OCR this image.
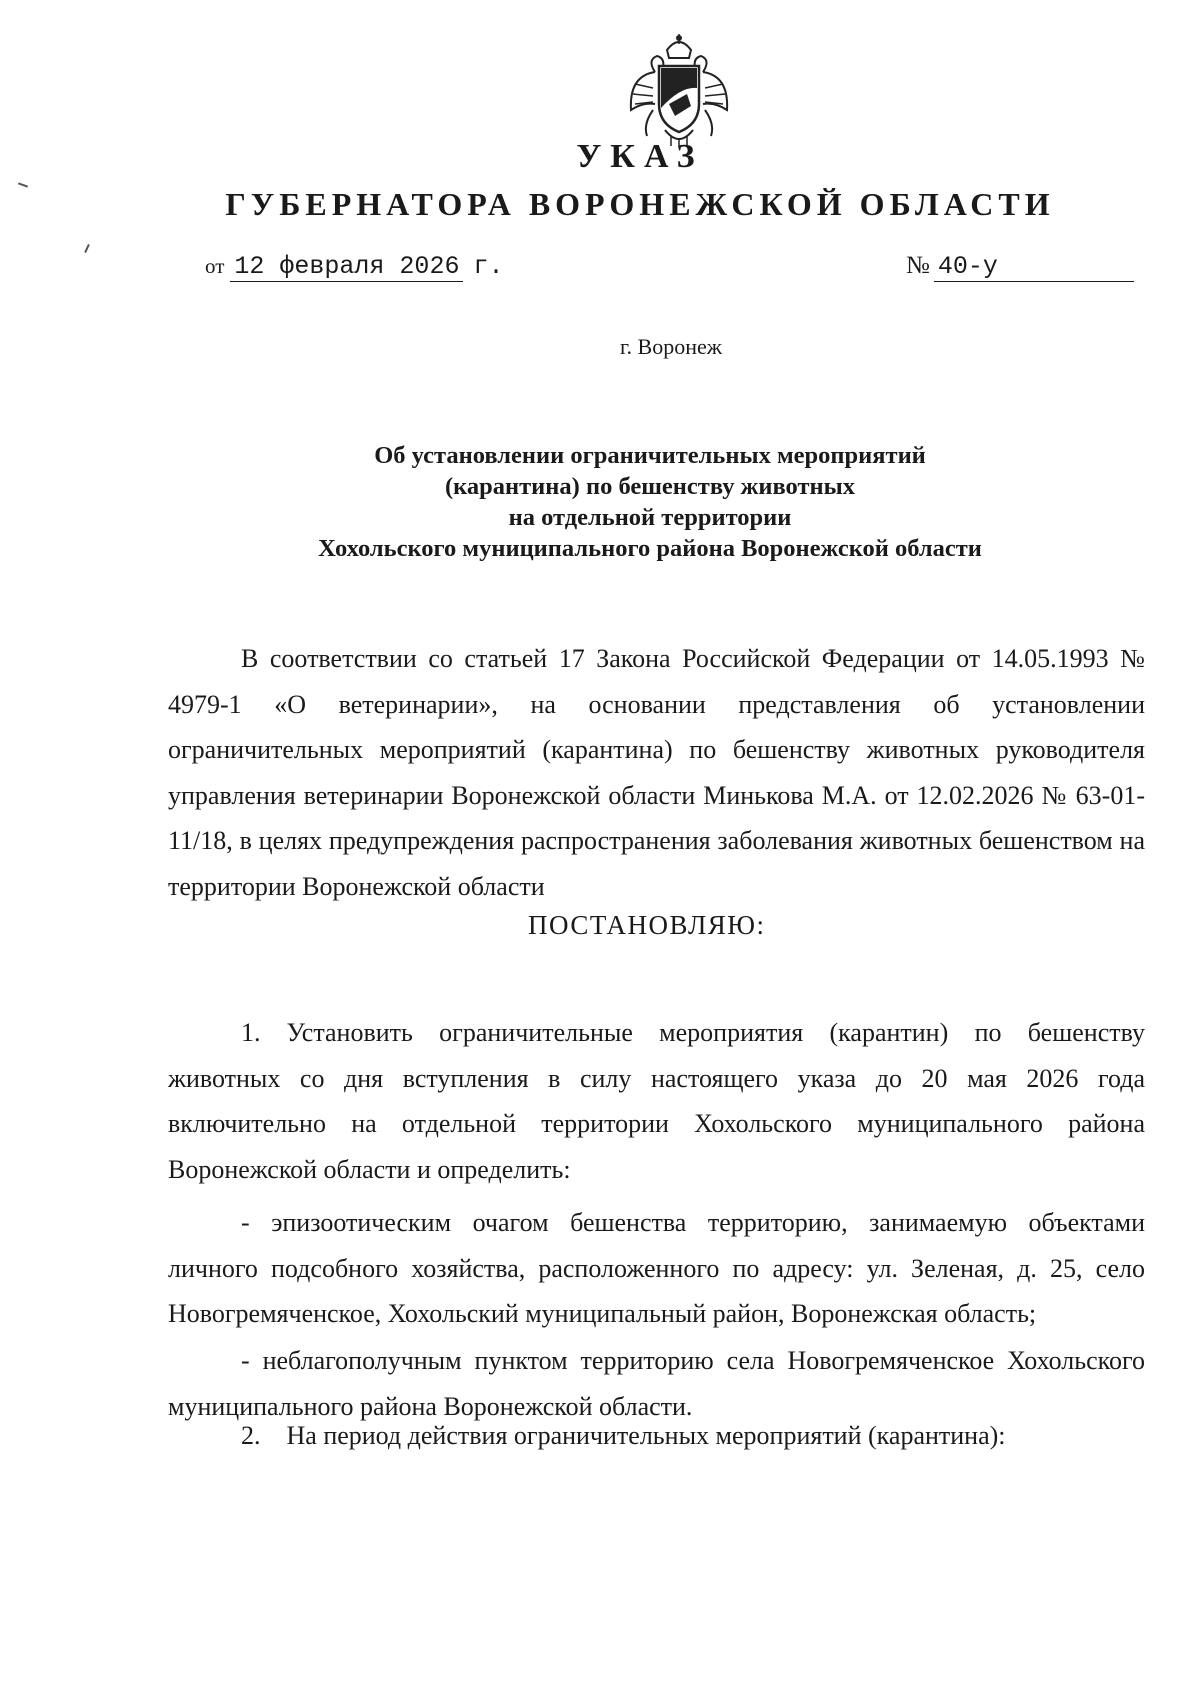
УКАЗ
ГУБЕРНАТОРА ВОРОНЕЖСКОЙ ОБЛАСТИ
от 12 февраля 2026 г.	№ 40-у
г. Воронеж
Об установлении ограничительных мероприятий
(карантина) по бешенству животных
на отдельной территории
Хохольского муниципального района Воронежской области
В соответствии со статьей 17 Закона Российской Федерации от 14.05.1993 № 4979-1 «О ветеринарии», на основании представления об установлении ограничительных мероприятий (карантина) по бешенству животных руководителя управления ветеринарии Воронежской области Минькова М.А. от 12.02.2026 № 63-01-11/18, в целях предупреждения распространения заболевания животных бешенством на территории Воронежской области
ПОСТАНОВЛЯЮ:
1. Установить ограничительные мероприятия (карантин) по бешенству животных со дня вступления в силу настоящего указа до 20 мая 2026 года включительно на отдельной территории Хохольского муниципального района Воронежской области и определить:
- эпизоотическим очагом бешенства территорию, занимаемую объектами личного подсобного хозяйства, расположенного по адресу: ул. Зеленая, д. 25, село Новогремяченское, Хохольский муниципальный район, Воронежская область;
- неблагополучным пунктом территорию села Новогремяченское Хохольского муниципального района Воронежской области.
2. На период действия ограничительных мероприятий (карантина):
